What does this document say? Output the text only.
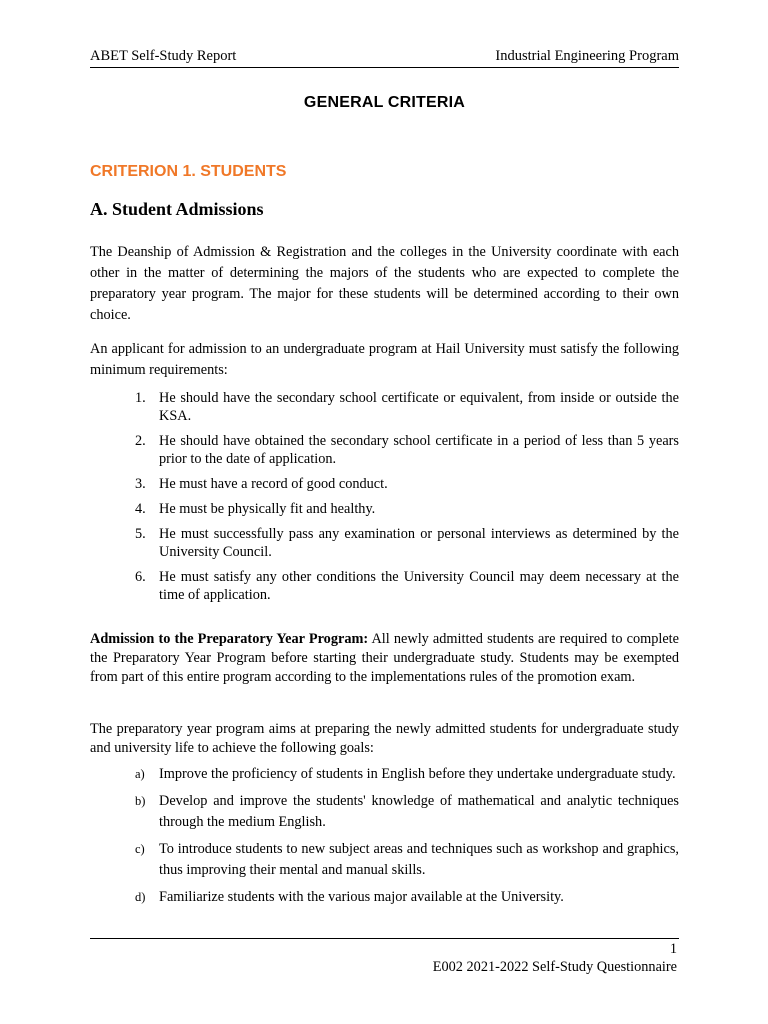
ABET Self-Study Report	Industrial Engineering Program
GENERAL CRITERIA
CRITERION 1. STUDENTS
A. Student Admissions

The Deanship of Admission & Registration and the colleges in the University coordinate with each other in the matter of determining the majors of the students who are expected to complete the preparatory year program. The major for these students will be determined according to their own choice.

An applicant for admission to an undergraduate program at Hail University must satisfy the following minimum requirements:

1. He should have the secondary school certificate or equivalent, from inside or outside the KSA.
2. He should have obtained the secondary school certificate in a period of less than 5 years prior to the date of application.
3. He must have a record of good conduct.
4. He must be physically fit and healthy.
5. He must successfully pass any examination or personal interviews as determined by the University Council.
6. He must satisfy any other conditions the University Council may deem necessary at the time of application.

Admission to the Preparatory Year Program: All newly admitted students are required to complete the Preparatory Year Program before starting their undergraduate study. Students may be exempted from part of this entire program according to the implementations rules of the promotion exam.

The preparatory year program aims at preparing the newly admitted students for undergraduate study and university life to achieve the following goals:

a) Improve the proficiency of students in English before they undertake undergraduate study.
b) Develop and improve the students' knowledge of mathematical and analytic techniques through the medium English.
c) To introduce students to new subject areas and techniques such as workshop and graphics, thus improving their mental and manual skills.
d) Familiarize students with the various major available at the University.
1
E002 2021-2022 Self-Study Questionnaire
